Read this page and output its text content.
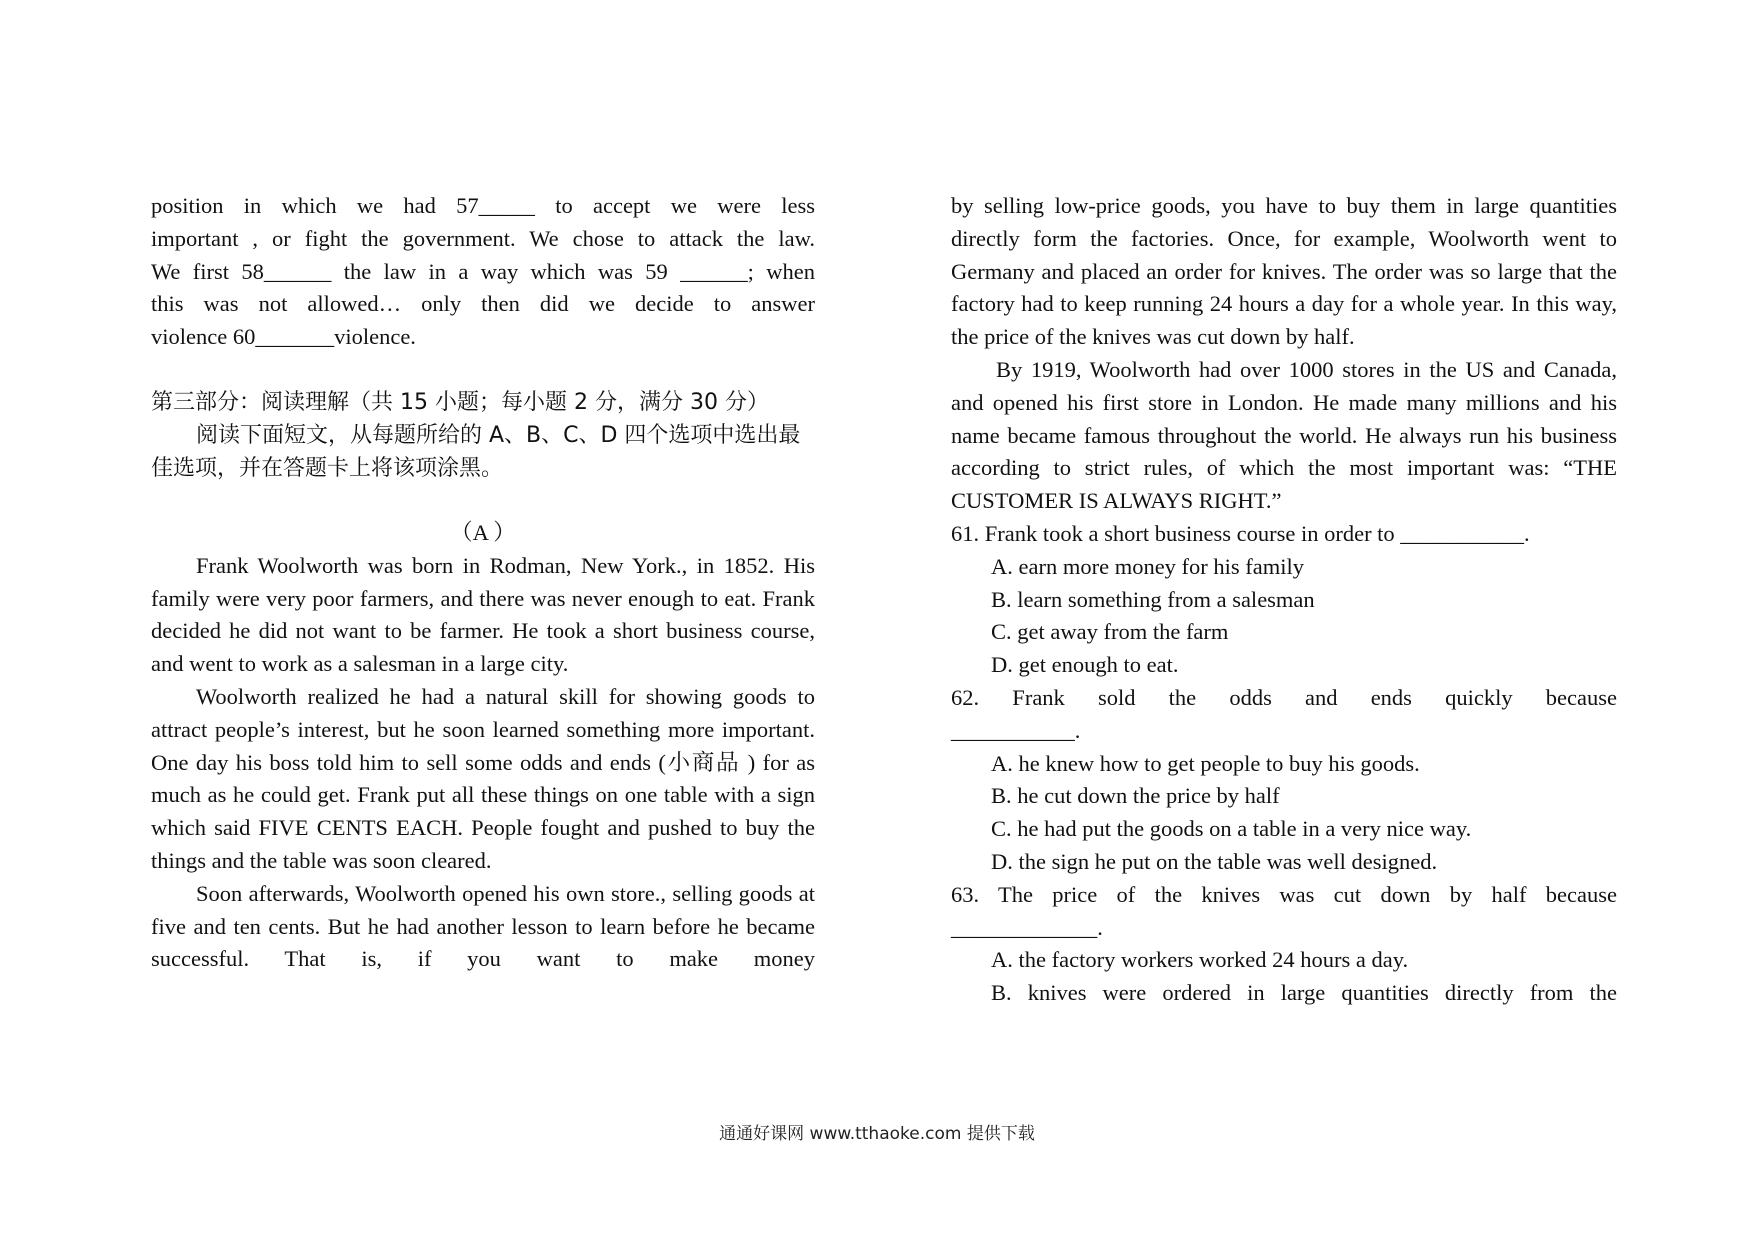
position in which we had 57_____ to accept we were less

important , or fight the government. We chose to attack the law.

We first 58______ the law in a way which was 59 ______; when

this was not allowed… only then did we decide to answer

violence 60_______violence.

第三部分：阅读理解（共 15 小题；每小题 2 分，满分 30 分）

阅读下面短文，从每题所给的 A、B、C、D 四个选项中选出最佳选项，并在答题卡上将该项涂黑。

（A ）

Frank Woolworth was born in Rodman, New York., in 1852. His family were very poor farmers, and there was never enough to eat. Frank decided he did not want to be farmer. He took a short business course, and went to work as a salesman in a large city.

Woolworth realized he had a natural skill for showing goods to attract people’s interest, but he soon learned something more important. One day his boss told him to sell some odds and ends (小商品 ) for as much as he could get. Frank put all these things on one table with a sign which said FIVE CENTS EACH. People fought and pushed to buy the things and the table was soon cleared.

Soon afterwards, Woolworth opened his own store., selling goods at five and ten cents. But he had another lesson to learn before he became successful. That is, if you want to make money

by selling low-price goods, you have to buy them in large quantities directly form the factories. Once, for example, Woolworth went to Germany and placed an order for knives. The order was so large that the factory had to keep running 24 hours a day for a whole year. In this way, the price of the knives was cut down by half.

By 1919, Woolworth had over 1000 stores in the US and Canada, and opened his first store in London. He made many millions and his name became famous throughout the world. He always run his business according to strict rules, of which the most important was: “THE CUSTOMER IS ALWAYS RIGHT.”

61. Frank took a short business course in order to ___________.

A. earn more money for his family

B. learn something from a salesman

C. get away from the farm

D. get enough to eat.

62. Frank sold the odds and ends quickly because

___________.

A. he knew how to get people to buy his goods.

B. he cut down the price by half

C. he had put the goods on a table in a very nice way.

D. the sign he put on the table was well designed.

63. The price of the knives was cut down by half because

_____________.

A. the factory workers worked 24 hours a day.

B. knives were ordered in large quantities directly from the

通通好课网 www.tthaoke.com 提供下载
